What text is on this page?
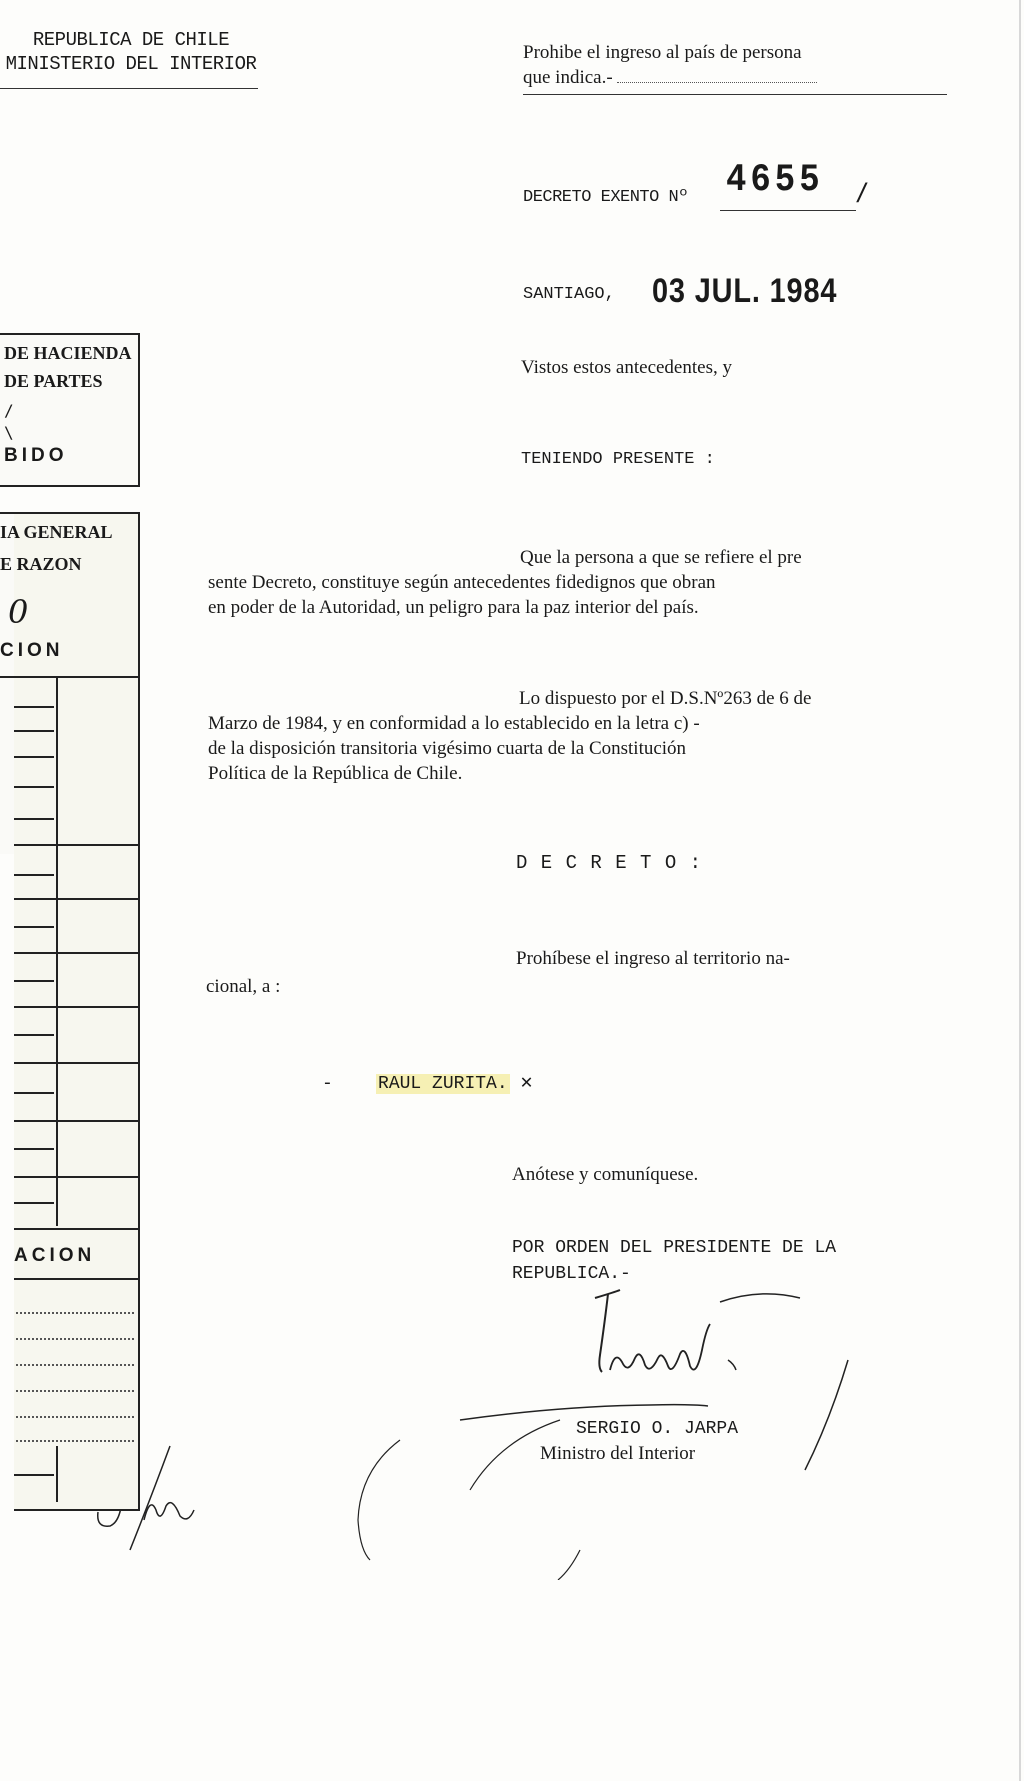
REPUBLICA DE CHILE
MINISTERIO DEL INTERIOR
Prohibe el ingreso al país de persona
que indica.-
DECRETO EXENTO Nº 4655 /
SANTIAGO, 03 JUL. 1984
Vistos estos antecedentes, y
TENIENDO PRESENTE :
Que la persona a que se refiere el pre
sente Decreto, constituye según antecedentes fidedignos que obran
en poder de la Autoridad, un peligro para la paz interior del país.
Lo dispuesto por el D.S.Nº263 de 6 de
Marzo de 1984, y en conformidad a lo establecido en la letra c) -
de la disposición transitoria vigésimo cuarta de la Constitución
Política de la República de Chile.
D E C R E T O :
Prohíbese el ingreso al territorio na-
cional, a :
-	RAUL ZURITA. ✕
Anótese y comuníquese.
POR ORDEN DEL PRESIDENTE DE LA
REPUBLICA.-
SERGIO O. JARPA
Ministro del Interior
DE HACIENDA
DE PARTES
/
\
BIDO
IA GENERAL
E RAZON
0
CION
ACION
